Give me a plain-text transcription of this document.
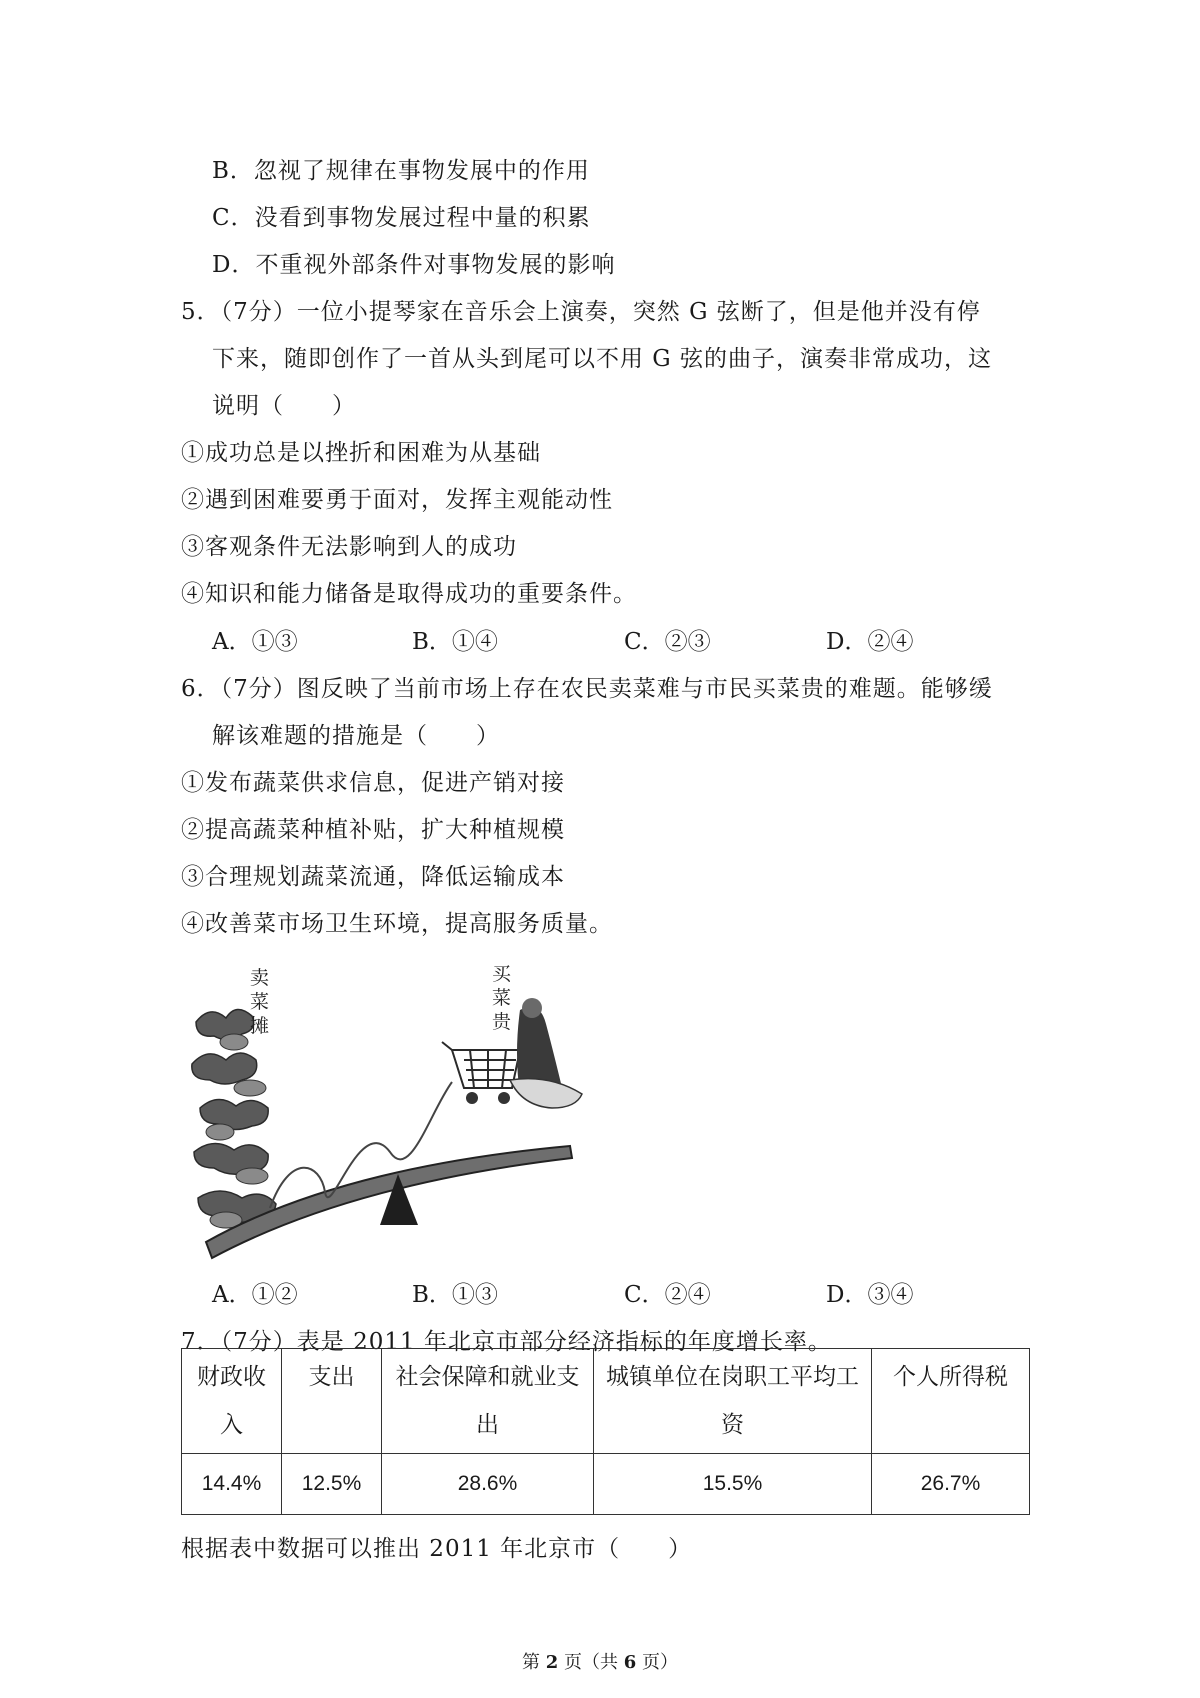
B．忽视了规律在事物发展中的作用
C．没看到事物发展过程中量的积累
D．不重视外部条件对事物发展的影响
5．（7分）一位小提琴家在音乐会上演奏，突然 G 弦断了，但是他并没有停
下来，随即创作了一首从头到尾可以不用 G 弦的曲子，演奏非常成功，这
说明（　　）
①成功总是以挫折和困难为从基础
②遇到困难要勇于面对，发挥主观能动性
③客观条件无法影响到人的成功
④知识和能力储备是取得成功的重要条件。
A．①③	B．①④	C．②③	D．②④
6．（7分）图反映了当前市场上存在农民卖菜难与市民买菜贵的难题。能够缓
解该难题的措施是（　　）
①发布蔬菜供求信息，促进产销对接
②提高蔬菜种植补贴，扩大种植规模
③合理规划蔬菜流通，降低运输成本
④改善菜市场卫生环境，提高服务质量。
卖
菜
摊
买
菜
贵
A．①②	B．①③	C．②④	D．③④
7．（7分）表是 2011 年北京市部分经济指标的年度增长率。
财政收入	支出	社会保障和就业支出	城镇单位在岗职工平均工资	个人所得税
14.4%	12.5%	28.6%	15.5%	26.7%
根据表中数据可以推出 2011 年北京市（　　）
第 2 页（共 6 页）
